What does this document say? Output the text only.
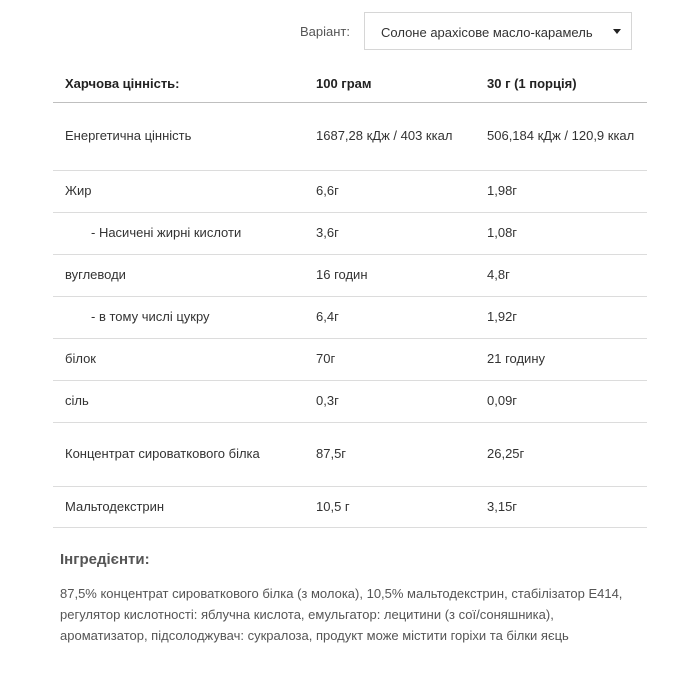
Варіант: Солоне арахісове масло-карамель
Харчова цінність:	100 грам	30 г (1 порція)
Енергетична цінність	1687,28 кДж / 403 ккал	506,184 кДж / 120,9 ккал
Жир	6,6г	1,98г
- Насичені жирні кислоти	3,6г	1,08г
вуглеводи	16 годин	4,8г
- в тому числі цукру	6,4г	1,92г
білок	70г	21 годину
сіль	0,3г	0,09г
Концентрат сироваткового білка	87,5г	26,25г
Мальтодекстрин	10,5 г	3,15г
Інгредієнти:
87,5% концентрат сироваткового білка (з молока), 10,5% мальтодекстрин, стабілізатор Е414, регулятор кислотності: яблучна кислота, емульгатор: лецитини (з сої/соняшника), ароматизатор, підсолоджувач: сукралоза, продукт може містити горіхи та білки яєць
